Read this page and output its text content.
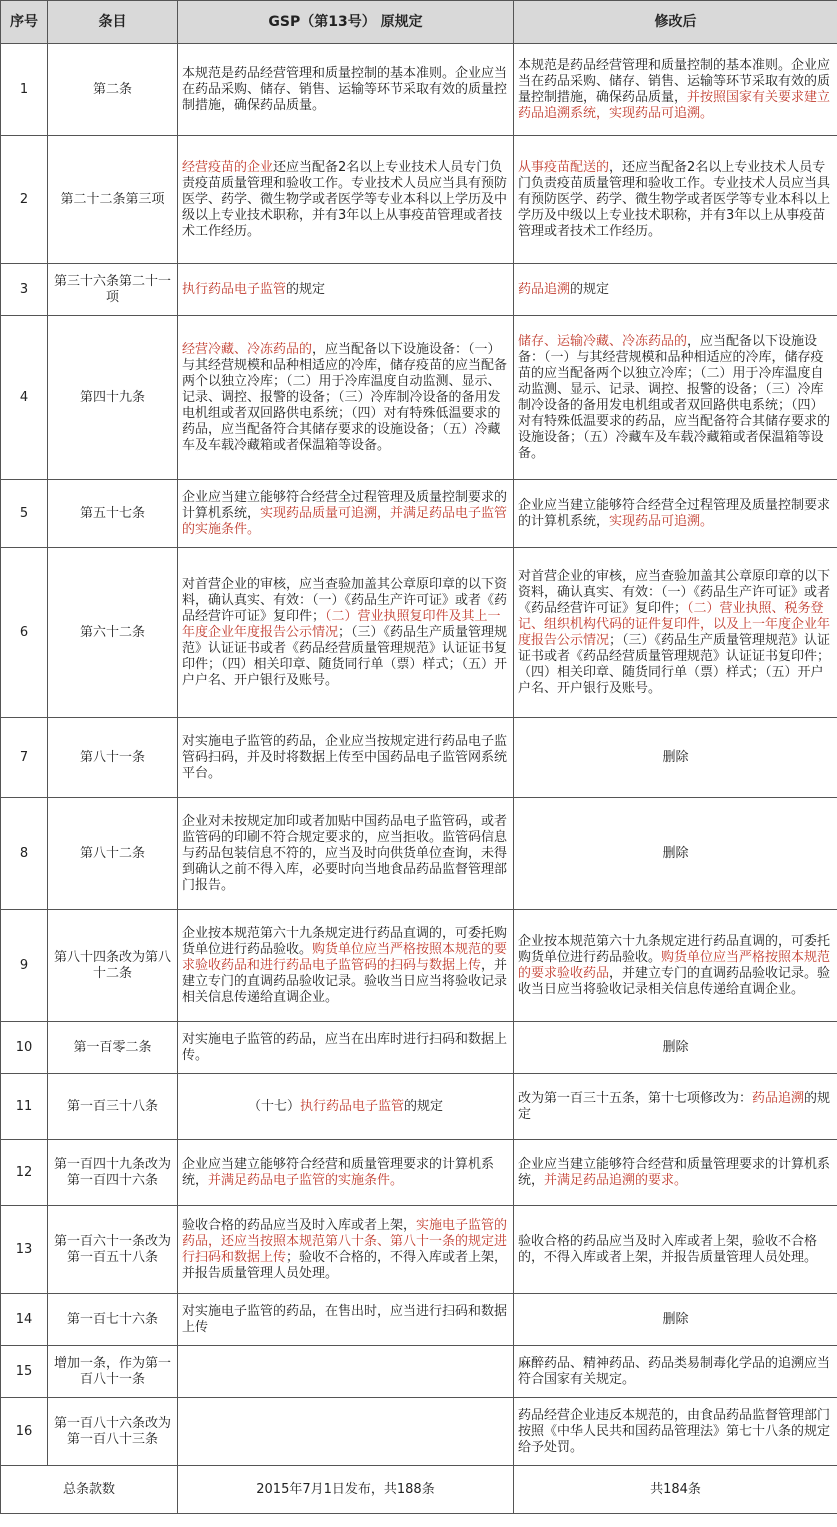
序号	条目	GSP（第13号） 原规定	修改后
1	第二条	本规范是药品经营管理和质量控制的基本准则。企业应当在药品采购、储存、销售、运输等环节采取有效的质量控制措施，确保药品质量。	本规范是药品经营管理和质量控制的基本准则。企业应当在药品采购、储存、销售、运输等环节采取有效的质量控制措施，确保药品质量，并按照国家有关要求建立药品追溯系统，实现药品可追溯。
2	第二十二条第三项	经营疫苗的企业还应当配备2名以上专业技术人员专门负责疫苗质量管理和验收工作。专业技术人员应当具有预防医学、药学、微生物学或者医学等专业本科以上学历及中级以上专业技术职称，并有3年以上从事疫苗管理或者技术工作经历。	从事疫苗配送的，还应当配备2名以上专业技术人员专门负责疫苗质量管理和验收工作。专业技术人员应当具有预防医学、药学、微生物学或者医学等专业本科以上学历及中级以上专业技术职称，并有3年以上从事疫苗管理或者技术工作经历。
3	第三十六条第二十一项	执行药品电子监管的规定	药品追溯的规定
4	第四十九条	经营冷藏、冷冻药品的，应当配备以下设施设备：（一）与其经营规模和品种相适应的冷库，储存疫苗的应当配备两个以独立冷库；（二）用于冷库温度自动监测、显示、记录、调控、报警的设备；（三）冷库制冷设备的备用发电机组或者双回路供电系统；（四）对有特殊低温要求的药品，应当配备符合其储存要求的设施设备；（五）冷藏车及车载冷藏箱或者保温箱等设备。	储存、运输冷藏、冷冻药品的，应当配备以下设施设备：（一）与其经营规模和品种相适应的冷库，储存疫苗的应当配备两个以独立冷库；（二）用于冷库温度自动监测、显示、记录、调控、报警的设备；（三）冷库制冷设备的备用发电机组或者双回路供电系统；（四）对有特殊低温要求的药品，应当配备符合其储存要求的设施设备；（五）冷藏车及车载冷藏箱或者保温箱等设备。
5	第五十七条	企业应当建立能够符合经营全过程管理及质量控制要求的计算机系统，实现药品质量可追溯，并满足药品电子监管的实施条件。	企业应当建立能够符合经营全过程管理及质量控制要求的计算机系统，实现药品可追溯。
6	第六十二条	对首营企业的审核，应当查验加盖其公章原印章的以下资料，确认真实、有效：（一）《药品生产许可证》或者《药品经营许可证》复印件；（二）营业执照复印件及其上一年度企业年度报告公示情况；（三）《药品生产质量管理规范》认证证书或者《药品经营质量管理规范》认证证书复印件；（四）相关印章、随货同行单（票）样式；（五）开户户名、开户银行及账号。	对首营企业的审核，应当查验加盖其公章原印章的以下资料，确认真实、有效：（一）《药品生产许可证》或者《药品经营许可证》复印件；（二）营业执照、税务登记、组织机构代码的证件复印件，以及上一年度企业年度报告公示情况；（三）《药品生产质量管理规范》认证证书或者《药品经营质量管理规范》认证证书复印件；（四）相关印章、随货同行单（票）样式；（五）开户户名、开户银行及账号。
7	第八十一条	对实施电子监管的药品，企业应当按规定进行药品电子监管码扫码，并及时将数据上传至中国药品电子监管网系统平台。	删除
8	第八十二条	企业对未按规定加印或者加贴中国药品电子监管码，或者监管码的印刷不符合规定要求的，应当拒收。监管码信息与药品包装信息不符的，应当及时向供货单位查询，未得到确认之前不得入库，必要时向当地食品药品监督管理部门报告。	删除
9	第八十四条改为第八十二条	企业按本规范第六十九条规定进行药品直调的，可委托购货单位进行药品验收。购货单位应当严格按照本规范的要求验收药品和进行药品电子监管码的扫码与数据上传，并建立专门的直调药品验收记录。验收当日应当将验收记录相关信息传递给直调企业。	企业按本规范第六十九条规定进行药品直调的，可委托购货单位进行药品验收。购货单位应当严格按照本规范的要求验收药品，并建立专门的直调药品验收记录。验收当日应当将验收记录相关信息传递给直调企业。
10	第一百零二条	对实施电子监管的药品，应当在出库时进行扫码和数据上传。	删除
11	第一百三十八条	（十七）执行药品电子监管的规定	改为第一百三十五条，第十七项修改为：药品追溯的规定
12	第一百四十九条改为第一百四十六条	企业应当建立能够符合经营和质量管理要求的计算机系统，并满足药品电子监管的实施条件。	企业应当建立能够符合经营和质量管理要求的计算机系统，并满足药品追溯的要求。
13	第一百六十一条改为第一百五十八条	验收合格的药品应当及时入库或者上架，实施电子监管的药品，还应当按照本规范第八十条、第八十一条的规定进行扫码和数据上传；验收不合格的，不得入库或者上架，并报告质量管理人员处理。	验收合格的药品应当及时入库或者上架，验收不合格的，不得入库或者上架，并报告质量管理人员处理。
14	第一百七十六条	对实施电子监管的药品，在售出时，应当进行扫码和数据上传	删除
15	增加一条，作为第一百八十一条		麻醉药品、精神药品、药品类易制毒化学品的追溯应当符合国家有关规定。
16	第一百八十六条改为第一百八十三条		药品经营企业违反本规范的，由食品药品监督管理部门按照《中华人民共和国药品管理法》第七十八条的规定给予处罚。
总条款数		2015年7月1日发布，共188条	共184条
